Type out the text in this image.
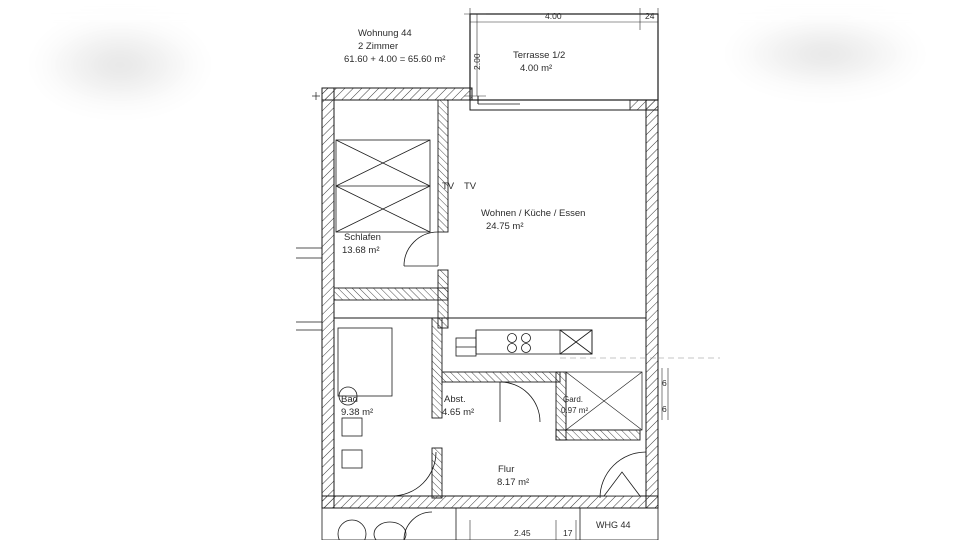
Wohnung 44
2 Zimmer
61.60 + 4.00 = 65.60 m²	Terrasse 1/2
4.00 m²
Schlafen
13.68 m²
Wohnen / Küche / Essen
24.75 m²
Bad
9.38 m²
Abst.
4.65 m²
Gard.
0.97 m²
Flur
8.17 m²
TV TV
WHG 44
4.00	24
2.00
2.45	17
6
6
